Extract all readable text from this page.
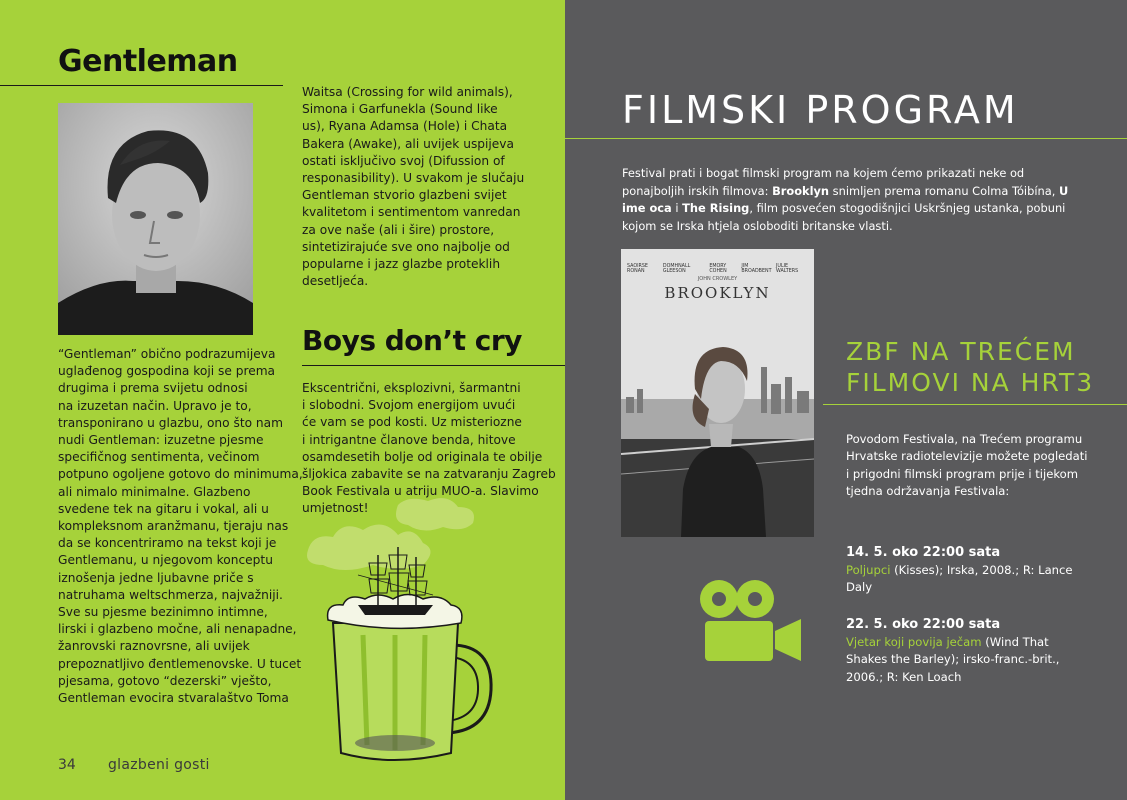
Gentleman
“Gentleman” obično podrazumijeva
uglađenog gospodina koji se prema
drugima i prema svijetu odnosi
na izuzetan način. Upravo je to,
transponirano u glazbu, ono što nam
nudi Gentleman: izuzetne pjesme
specifičnog sentimenta, večinom
potpuno ogoljene gotovo do minimuma,
ali nimalo minimalne. Glazbeno
svedene tek na gitaru i vokal, ali u
kompleksnom aranžmanu, tjeraju nas
da se koncentriramo na tekst koji je
Gentlemanu, u njegovom konceptu
iznošenja jedne ljubavne priče s
natruhama weltschmerza, najvažniji.
Sve su pjesme bezinimno intimne,
lirski i glazbeno močne, ali nenapadne,
žanrovski raznovrsne, ali uvijek
prepoznatljivo đentlemenovske. U tucet
pjesama, gotovo “dezerski” vješto,
Gentleman evocira stvaralaštvo Toma
Waitsa (Crossing for wild animals),
Simona i Garfunekla (Sound like
us), Ryana Adamsa (Hole) i Chata
Bakera (Awake), ali uvijek uspijeva
ostati isključivo svoj (Difussion of
responasibility). U svakom je slučaju
Gentleman stvorio glazbeni svijet
kvalitetom i sentimentom vanredan
za ove naše (ali i šire) prostore,
sintetizirajuće sve ono najbolje od
popularne i jazz glazbe proteklih
desetljeća.
Boys don’t cry
Ekscentrični, eksplozivni, šarmantni
i slobodni. Svojom energijom uvući
će vam se pod kosti. Uz misteriozne
i intrigantne članove benda, hitove
osamdesetih bolje od originala te obilje
šljokica zabavite se na zatvaranju Zagreb
Book Festivala u atriju MUO-a. Slavimo
umjetnost!
34 glazbeni gosti
FILMSKI PROGRAM
Festival prati i bogat filmski program na kojem ćemo prikazati neke od ponajboljih irskih filmova: Brooklyn snimljen prema romanu Colma Tóibína, U ime oca i The Rising, film posvećen stogodišnjici Uskršnjeg ustanka, pobuni kojom se Irska htjela osloboditi britanske vlasti.
SAOIRSE RONAN
DOMHNALL GLEESON
EMORY COHEN
JIM BROADBENT
JULIE WALTERS
JOHN CROWLEY
BROOKLYN
ZBF NA TREĆEM
FILMOVI NA HRT3
Povodom Festivala, na Trećem programu
Hrvatske radiotelevizije možete pogledati
i prigodni filmski program prije i tijekom
tjedna održavanja Festivala:
14. 5. oko 22:00 sata
Poljupci (Kisses); Irska, 2008.; R: Lance
Daly
22. 5. oko 22:00 sata
Vjetar koji povija ječam (Wind That
Shakes the Barley); irsko-franc.-brit.,
2006.; R: Ken Loach
